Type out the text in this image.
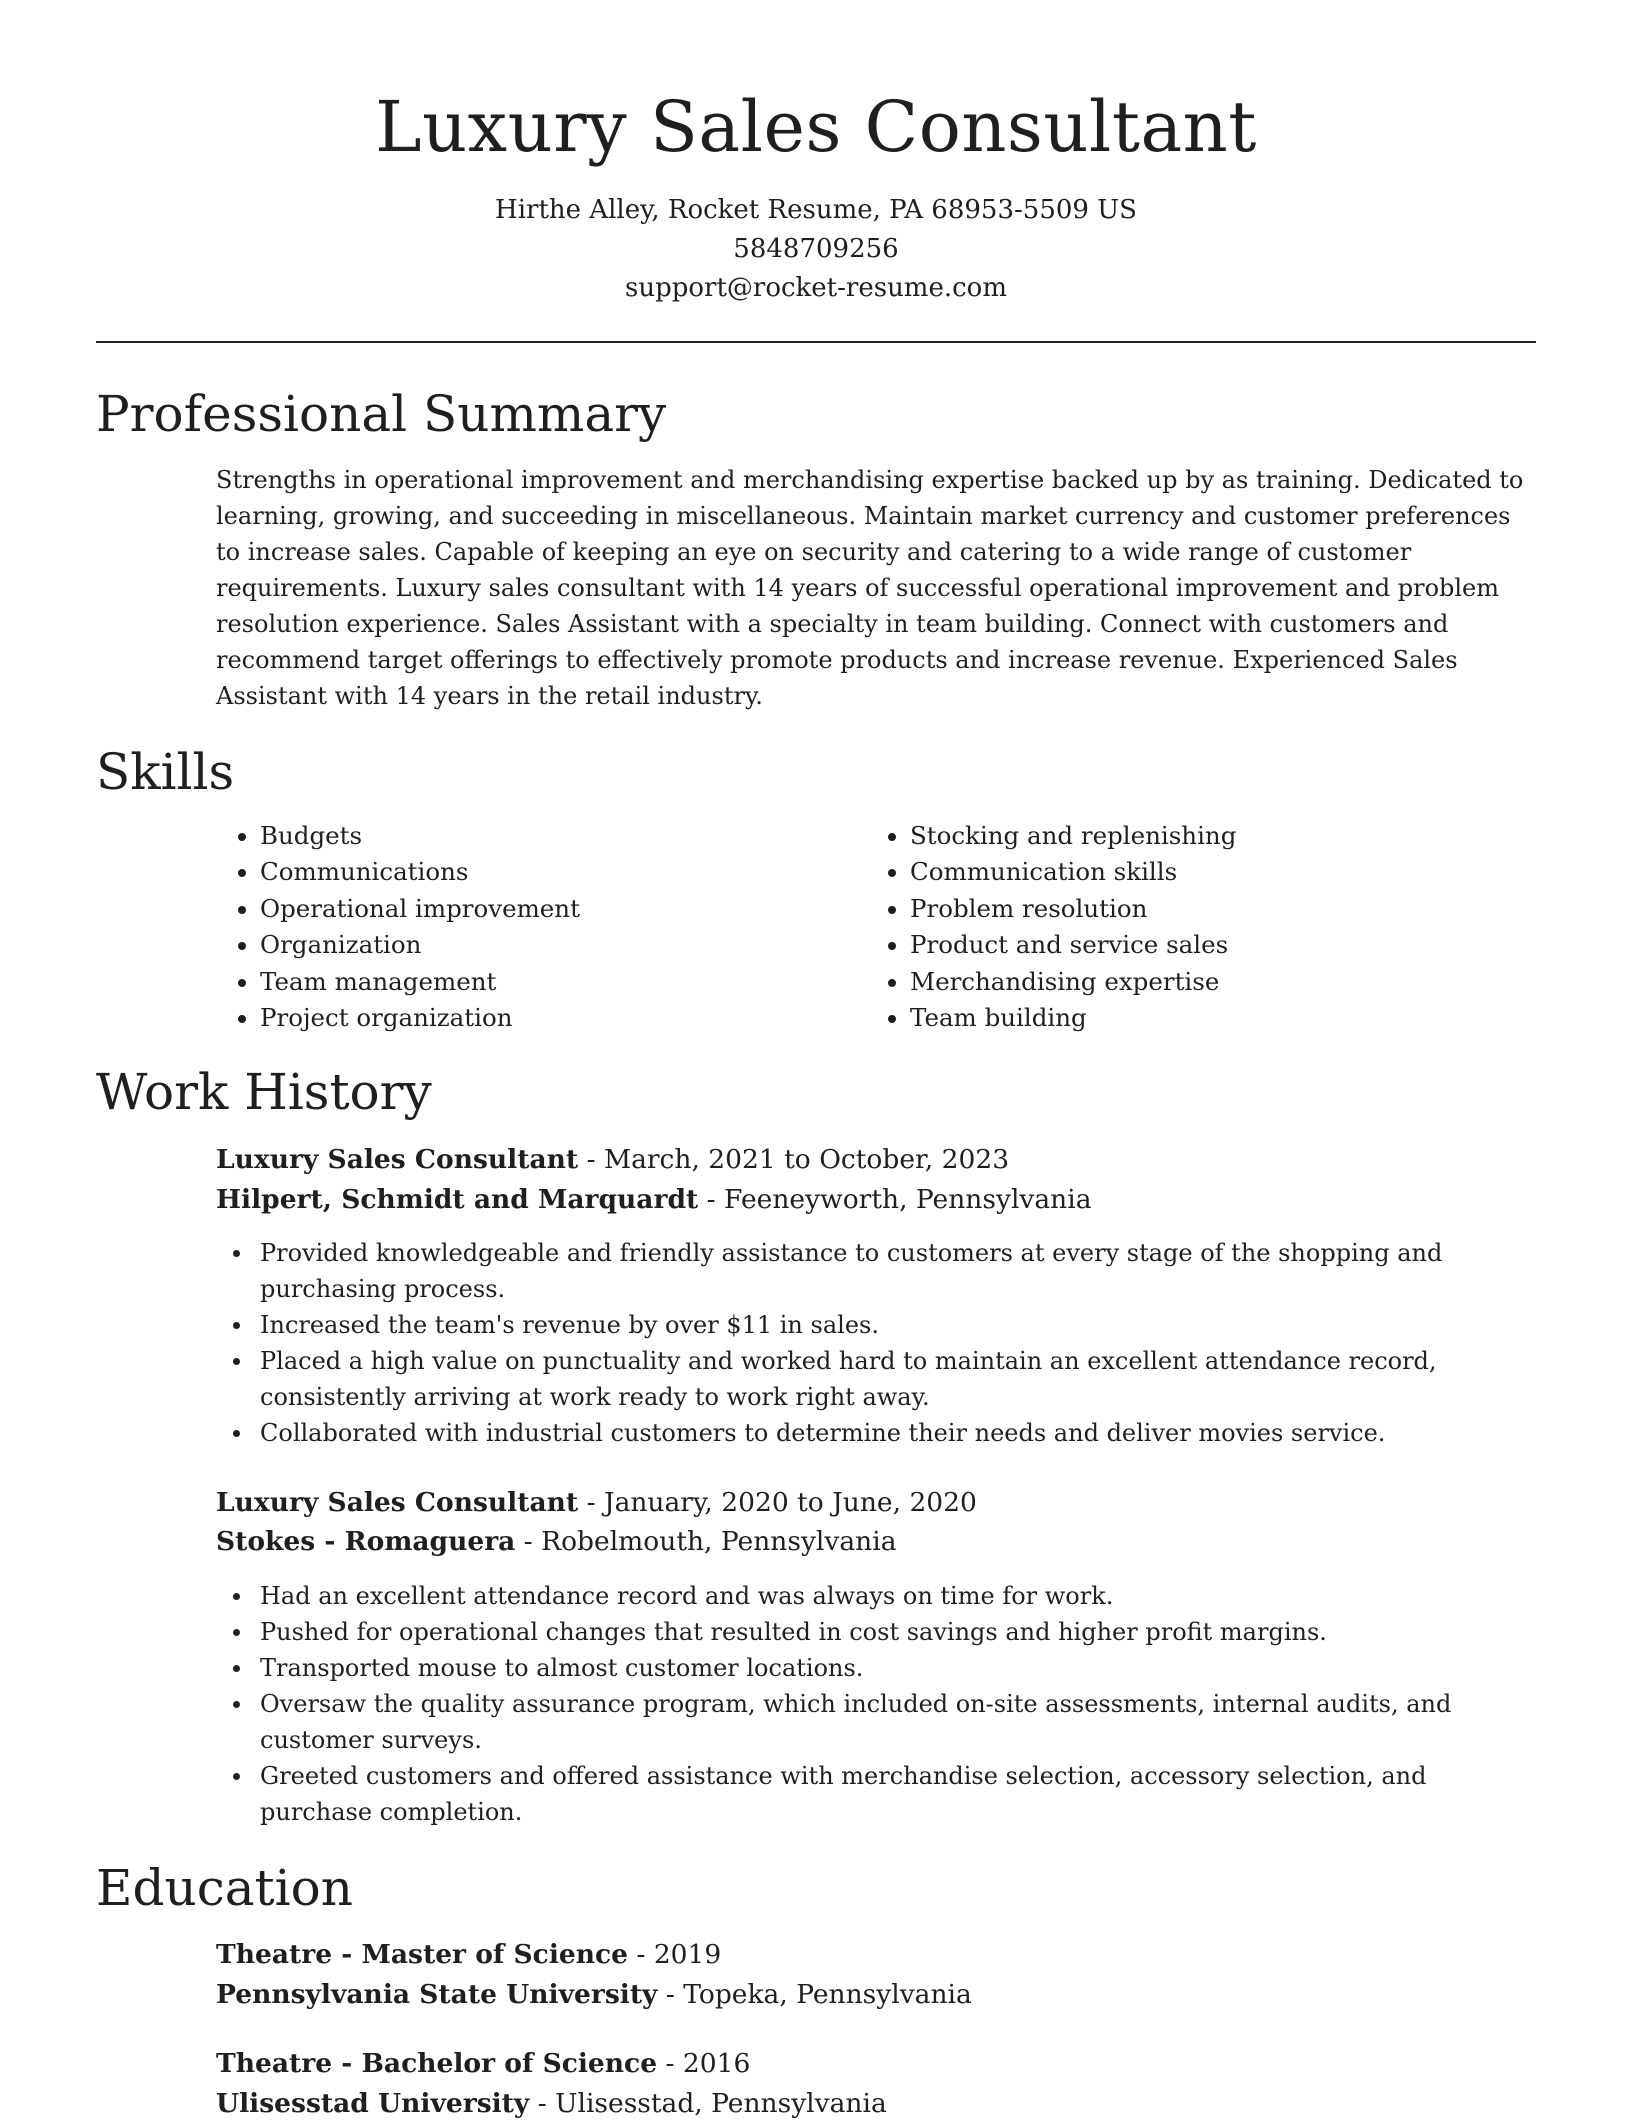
Luxury Sales Consultant
Hirthe Alley, Rocket Resume, PA 68953-5509 US
5848709256
support@rocket-resume.com
Professional Summary
Strengths in operational improvement and merchandising expertise backed up by as training. Dedicated to learning, growing, and succeeding in miscellaneous. Maintain market currency and customer preferences to increase sales. Capable of keeping an eye on security and catering to a wide range of customer requirements. Luxury sales consultant with 14 years of successful operational improvement and problem resolution experience. Sales Assistant with a specialty in team building. Connect with customers and recommend target offerings to effectively promote products and increase revenue. Experienced Sales Assistant with 14 years in the retail industry.
Skills
• Budgets
• Communications
• Operational improvement
• Organization
• Team management
• Project organization
• Stocking and replenishing
• Communication skills
• Problem resolution
• Product and service sales
• Merchandising expertise
• Team building
Work History
Luxury Sales Consultant - March, 2021 to October, 2023
Hilpert, Schmidt and Marquardt - Feeneyworth, Pennsylvania
Provided knowledgeable and friendly assistance to customers at every stage of the shopping and purchasing process.
Increased the team's revenue by over $11 in sales.
Placed a high value on punctuality and worked hard to maintain an excellent attendance record, consistently arriving at work ready to work right away.
Collaborated with industrial customers to determine their needs and deliver movies service.
Luxury Sales Consultant - January, 2020 to June, 2020
Stokes - Romaguera - Robelmouth, Pennsylvania
Had an excellent attendance record and was always on time for work.
Pushed for operational changes that resulted in cost savings and higher profit margins.
Transported mouse to almost customer locations.
Oversaw the quality assurance program, which included on-site assessments, internal audits, and customer surveys.
Greeted customers and offered assistance with merchandise selection, accessory selection, and purchase completion.
Education
Theatre - Master of Science - 2019
Pennsylvania State University - Topeka, Pennsylvania
Theatre - Bachelor of Science - 2016
Ulisesstad University - Ulisesstad, Pennsylvania
